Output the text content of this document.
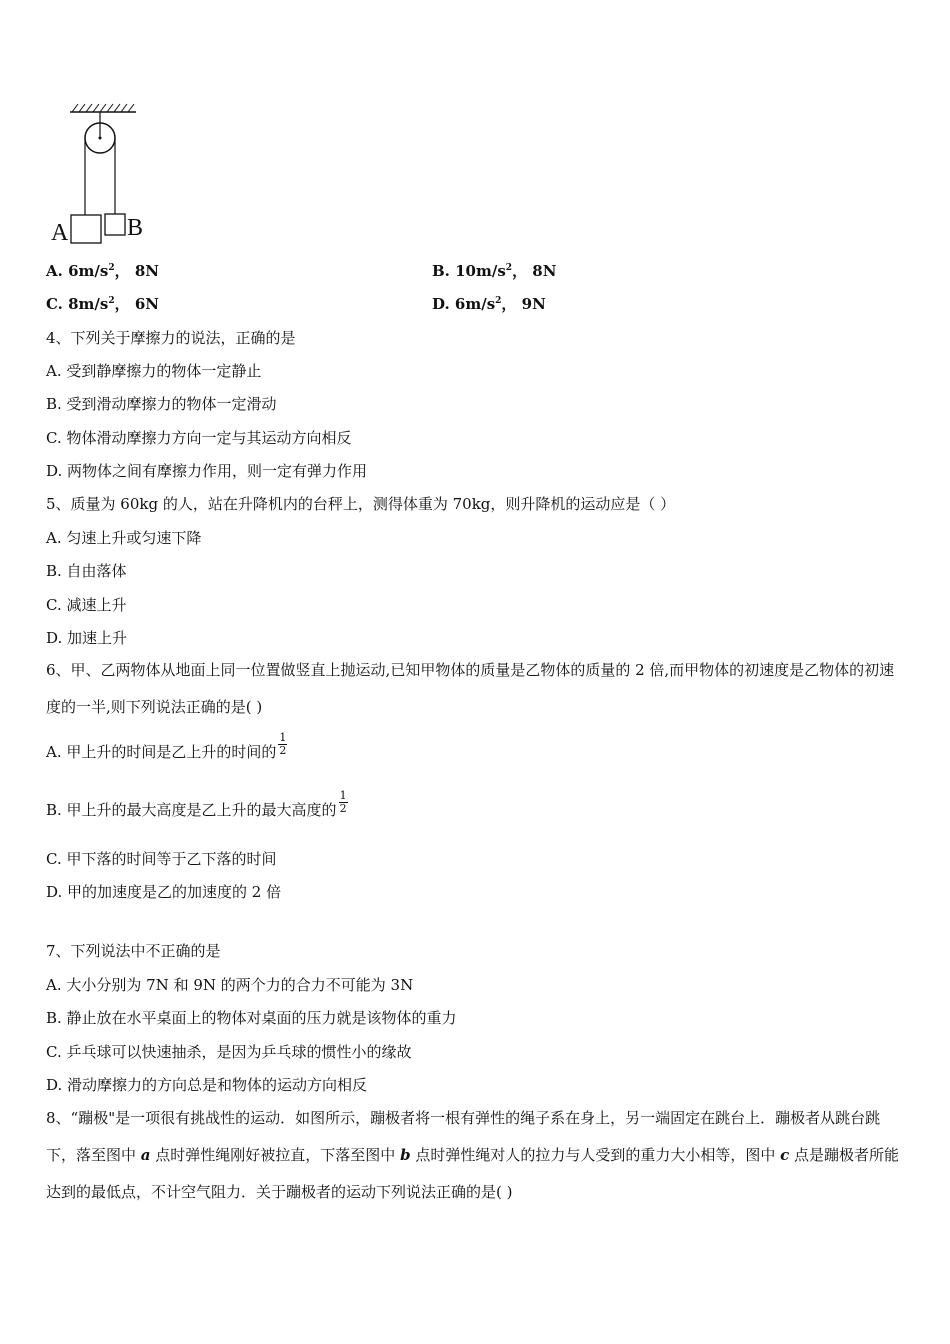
A B
A. $6m/s^2$， 8N	B. $10m/s^2$， 8N
C. $8m/s^2$， 6N	D. $6m/s^2$， 9N
4、下列关于摩擦力的说法，正确的是
A. 受到静摩擦力的物体一定静止
B. 受到滑动摩擦力的物体一定滑动
C. 物体滑动摩擦力方向一定与其运动方向相反
D. 两物体之间有摩擦力作用，则一定有弹力作用
5、质量为 60kg 的人，站在升降机内的台秤上，测得体重为 70kg，则升降机的运动应是（ ）
A. 匀速上升或匀速下降
B. 自由落体
C. 减速上升
D. 加速上升
6、甲、乙两物体从地面上同一位置做竖直上抛运动,已知甲物体的质量是乙物体的质量的 2 倍,而甲物体的初速度是乙物体的初速度的一半,则下列说法正确的是( )
A. 甲上升的时间是乙上升的时间的 $\frac{1}{2}$
B. 甲上升的最大高度是乙上升的最大高度的 $\frac{1}{2}$
C. 甲下落的时间等于乙下落的时间
D. 甲的加速度是乙的加速度的 2 倍
7、下列说法中不正确的是
A. 大小分别为 7N 和 9N 的两个力的合力不可能为 3N
B. 静止放在水平桌面上的物体对桌面的压力就是该物体的重力
C. 乒乓球可以快速抽杀，是因为乒乓球的惯性小的缘故
D. 滑动摩擦力的方向总是和物体的运动方向相反
8、“蹦极"是一项很有挑战性的运动．如图所示，蹦极者将一根有弹性的绳子系在身上，另一端固定在跳台上．蹦极者从跳台跳下，落至图中 a 点时弹性绳刚好被拉直，下落至图中 b 点时弹性绳对人的拉力与人受到的重力大小相等，图中 c 点是蹦极者所能达到的最低点，不计空气阻力．关于蹦极者的运动下列说法正确的是( )
